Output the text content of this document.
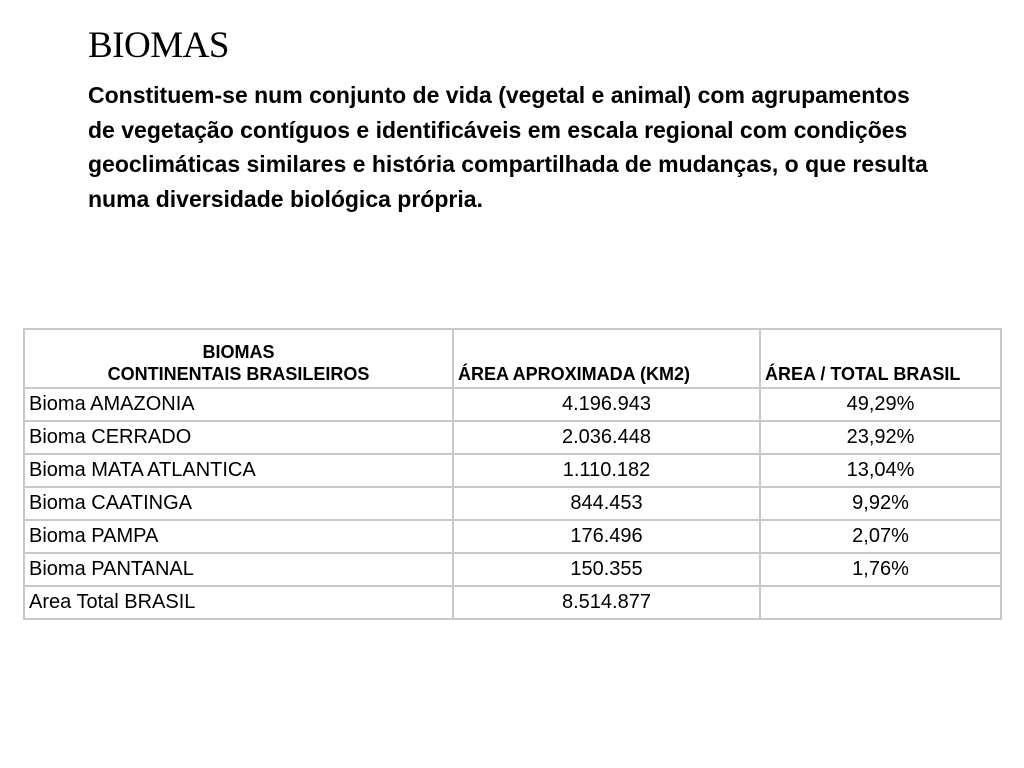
BIOMAS

Constituem-se num conjunto de vida (vegetal e animal) com agrupamentos de vegetação contíguos e identificáveis em escala regional com condições geoclimáticas similares e história compartilhada de mudanças, o que resulta numa diversidade biológica própria.

BIOMAS
CONTINENTAIS BRASILEIROS	ÁREA APROXIMADA (KM2)	ÁREA / TOTAL BRASIL
Bioma AMAZONIA	4.196.943	49,29%
Bioma CERRADO	2.036.448	23,92%
Bioma MATA ATLANTICA	1.110.182	13,04%
Bioma CAATINGA	844.453	9,92%
Bioma PAMPA	176.496	2,07%
Bioma PANTANAL	150.355	1,76%
Area Total BRASIL	8.514.877	
